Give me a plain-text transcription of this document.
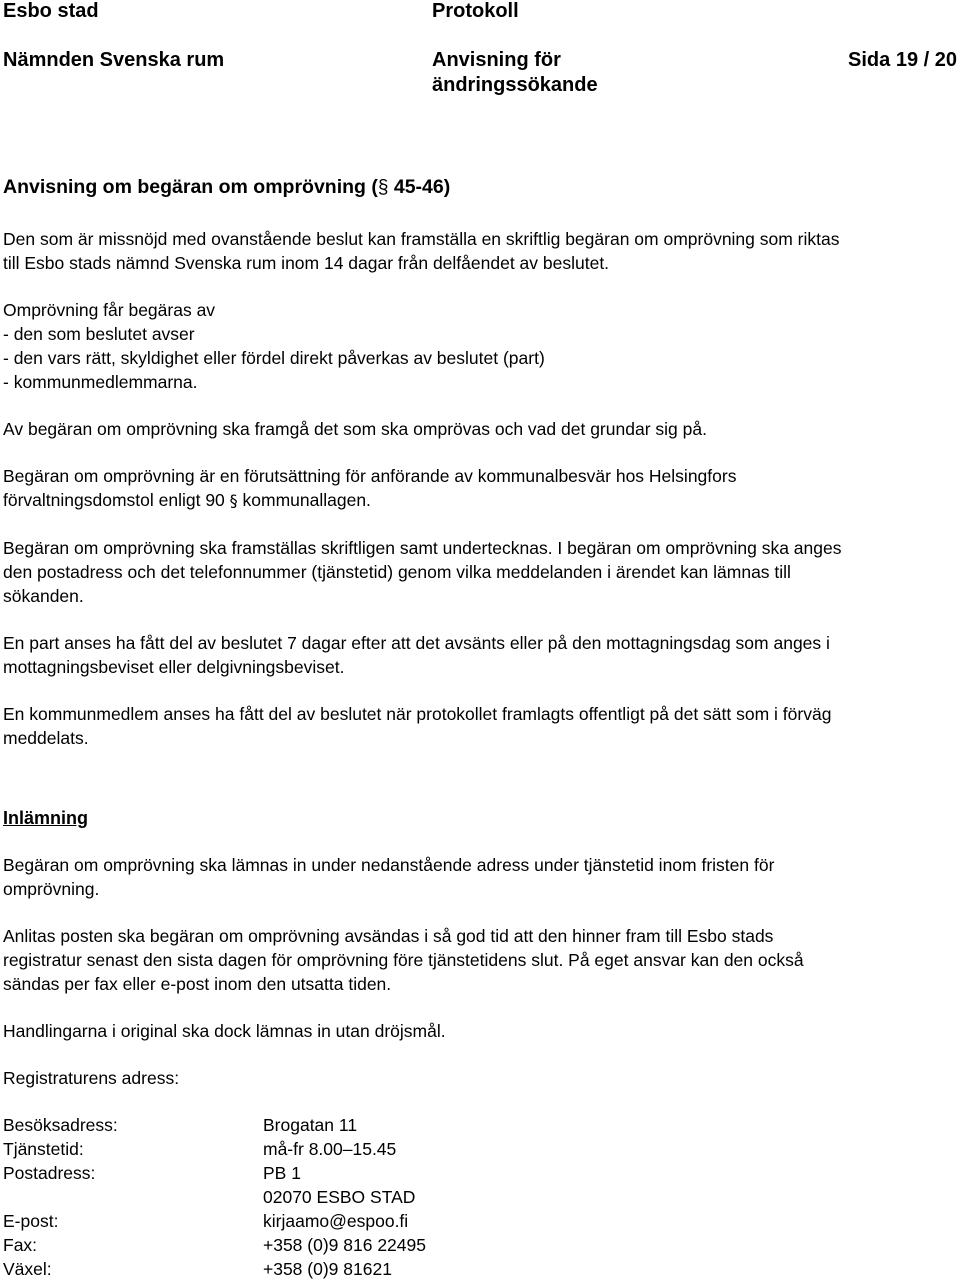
Esbo stad	Protokoll
Nämnden Svenska rum	Anvisning för
ändringssökande
Sida 19 / 20
Anvisning om begäran om omprövning (§ 45-46)

Den som är missnöjd med ovanstående beslut kan framställa en skriftlig begäran om omprövning som riktas
till Esbo stads nämnd Svenska rum inom 14 dagar från delfåendet av beslutet.

Omprövning får begäras av
- den som beslutet avser
- den vars rätt, skyldighet eller fördel direkt påverkas av beslutet (part)
- kommunmedlemmarna.

Av begäran om omprövning ska framgå det som ska omprövas och vad det grundar sig på.

Begäran om omprövning är en förutsättning för anförande av kommunalbesvär hos Helsingfors
förvaltningsdomstol enligt 90 § kommunallagen.

Begäran om omprövning ska framställas skriftligen samt undertecknas. I begäran om omprövning ska anges
den postadress och det telefonnummer (tjänstetid) genom vilka meddelanden i ärendet kan lämnas till
sökanden.

En part anses ha fått del av beslutet 7 dagar efter att det avsänts eller på den mottagningsdag som anges i
mottagningsbeviset eller delgivningsbeviset.

En kommunmedlem anses ha fått del av beslutet när protokollet framlagts offentligt på det sätt som i förväg
meddelats.

Inlämning

Begäran om omprövning ska lämnas in under nedanstående adress under tjänstetid inom fristen för
omprövning.

Anlitas posten ska begäran om omprövning avsändas i så god tid att den hinner fram till Esbo stads
registratur senast den sista dagen för omprövning före tjänstetidens slut. På eget ansvar kan den också
sändas per fax eller e-post inom den utsatta tiden.

Handlingarna i original ska dock lämnas in utan dröjsmål.

Registraturens adress:

Besöksadress:	Brogatan 11
Tjänstetid:	må-fr 8.00–15.45
Postadress:	PB 1
	02070 ESBO STAD
E-post:	kirjaamo@espoo.fi
Fax:	+358 (0)9 816 22495
Växel:	+358 (0)9 81621
